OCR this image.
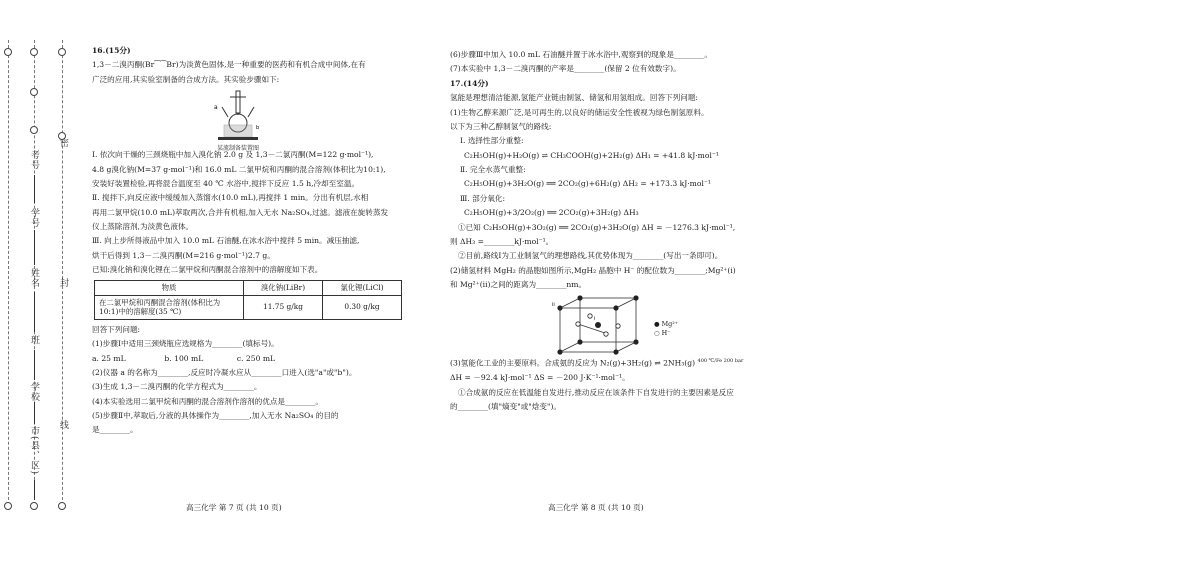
考号
学号
姓名
班
学校
市(县、区)
密
封
线

16.(15分)

1,3－二溴丙酮(Br⁀⁀Br)为淡黄色固体,是一种重要的医药和有机合成中间体,在有

广泛的应用,其实验室制备的合成方法。其实验步骤如下:

a
b
某流制备装置图

Ⅰ. 依次向干燥的三颈烧瓶中加入溴化钠 2.0 g 及 1,3－二氯丙酮(M=122 g·mol⁻¹),

4.8 g溴化钠(M=37 g·mol⁻¹)和 16.0 mL 二氯甲烷和丙酮的混合溶剂(体积比为10:1),

安装好装置检验,再将混合温度至 40 ℃ 水浴中,搅拌下反应 1.5 h,冷却至室温。

Ⅱ. 搅拌下,向反应液中缓缓加入蒸馏水(10.0 mL),再搅拌 1 min。分出有机层,水相

再用二氯甲烷(10.0 mL)萃取两次,合并有机相,加入无水 Na₂SO₄,过滤。滤液在旋转蒸发

仪上蒸除溶剂,为淡黄色液体。

Ⅲ. 向上步所得液品中加入 10.0 mL 石油醚,在冰水浴中搅拌 5 min。减压抽滤,

烘干后得到 1,3－二溴丙酮(M=216 g·mol⁻¹)2.7 g。

已知:溴化钠和溴化锂在二氯甲烷和丙酮混合溶剂中的溶解度如下表。

物质	溴化钠(LiBr)	氯化锂(LiCl)
在二氯甲烷和丙酮混合溶剂(体积比为
10:1)中的溶解度(35 ℃)	11.75 g/kg	0.30 g/kg

回答下列问题:

(1)步骤Ⅰ中适用三颈烧瓶应选规格为________(填标号)。

a. 25 mL	b. 100 mL	c. 250 mL

(2)仪器 a 的名称为________,反应时冷凝水应从________口进入(选"a"或"b")。

(3)生成 1,3－二溴丙酮的化学方程式为________。

(4)本实验选用二氯甲烷和丙酮的混合溶剂作溶剂的优点是________。

(5)步骤Ⅱ中,萃取后,分液的具体操作为________,加入无水 Na₂SO₄ 的目的

是________。

高三化学 第 7 页 (共 10 页)

(6)步骤Ⅲ中加入 10.0 mL 石油醚并置于冰水浴中,观察到的现象是________。

(7)本实验中 1,3－二溴丙酮的产率是________(保留 2 位有效数字)。

17.(14分)

氢能是理想清洁能源,氢能产业链由制氢、储氢和用氢组成。回答下列问题:

(1)生物乙醇来源广泛,是可再生的,以良好的储运安全性被视为绿色制氢原料。

以下为三种乙醇制氢气的路线:

Ⅰ. 选择性部分重整:

C₂H₅OH(g)+H₂O(g) ⇌ CH₃COOH(g)+2H₂(g) ΔH₁ = +41.8 kJ·mol⁻¹

Ⅱ. 完全水蒸气重整:

C₂H₅OH(g)+3H₂O(g) ══ 2CO₂(g)+6H₂(g) ΔH₂ = +173.3 kJ·mol⁻¹

Ⅲ. 部分氧化:

C₂H₅OH(g)+3/2O₂(g) ══ 2CO₂(g)+3H₂(g) ΔH₃

①已知 C₂H₅OH(g)+3O₂(g) ══ 2CO₂(g)+3H₂O(g) ΔH = －1276.3 kJ·mol⁻¹,

则 ΔH₃ =________kJ·mol⁻¹。

②目前,路线Ⅰ为工业制氢气的理想路线,其优势体现为________(写出一条即可)。

(2)储氢材料 MgH₂ 的晶胞如图所示,MgH₂ 晶胞中 H⁻ 的配位数为________;Mg²⁺(i)

和 Mg²⁺(ii)之间的距离为________nm。

i
ii
● Mg²⁺
○ H⁻

(3)氢能化工业的主要原料。合成氨的反应为 N₂(g)+3H₂(g) ⇌ 2NH₃(g) $^{400 ℃/Fe 200 bar}$

ΔH = －92.4 kJ·mol⁻¹ ΔS = －200 J·K⁻¹·mol⁻¹。

①合成氨的反应在低温能自发进行,推动反应在该条件下自发进行的主要因素是反应

的________(填"熵变"或"焓变")。

高三化学 第 8 页 (共 10 页)
